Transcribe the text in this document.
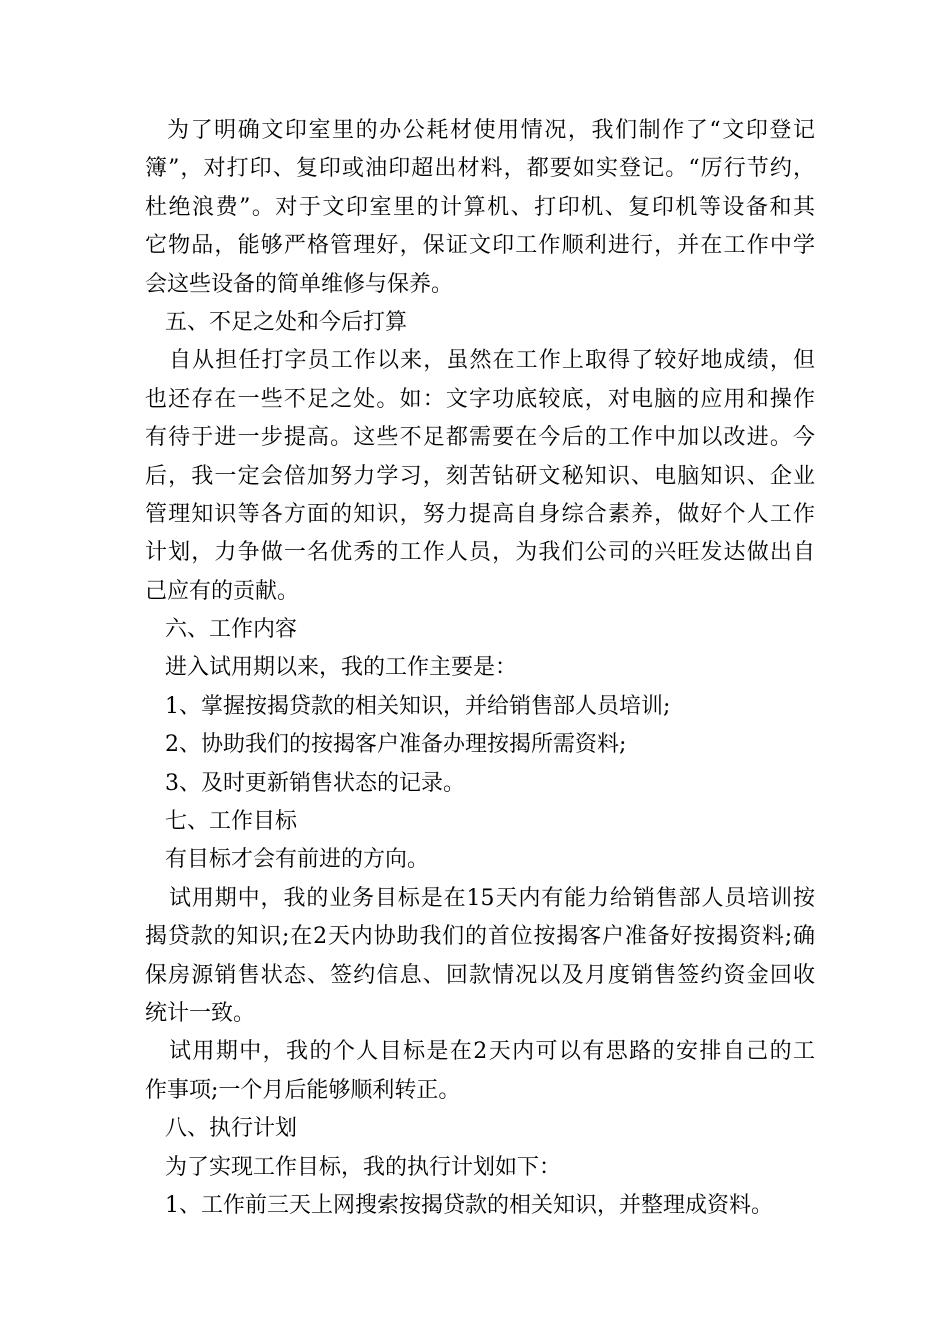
为了明确文印室里的办公耗材使用情况，我们制作了“文印登记
簿”，对打印、复印或油印超出材料，都要如实登记。“厉行节约，
杜绝浪费”。对于文印室里的计算机、打印机、复印机等设备和其
它物品，能够严格管理好，保证文印工作顺利进行，并在工作中学
会这些设备的简单维修与保养。
五、不足之处和今后打算
自从担任打字员工作以来，虽然在工作上取得了较好地成绩，但
也还存在一些不足之处。如：文字功底较底，对电脑的应用和操作
有待于进一步提高。这些不足都需要在今后的工作中加以改进。今
后，我一定会倍加努力学习，刻苦钻研文秘知识、电脑知识、企业
管理知识等各方面的知识，努力提高自身综合素养，做好个人工作
计划，力争做一名优秀的工作人员，为我们公司的兴旺发达做出自
己应有的贡献。
六、工作内容
进入试用期以来，我的工作主要是：
1、掌握按揭贷款的相关知识，并给销售部人员培训;
2、协助我们的按揭客户准备办理按揭所需资料;
3、及时更新销售状态的记录。
七、工作目标
有目标才会有前进的方向。
试用期中，我的业务目标是在15天内有能力给销售部人员培训按
揭贷款的知识;在2天内协助我们的首位按揭客户准备好按揭资料;确
保房源销售状态、签约信息、回款情况以及月度销售签约资金回收
统计一致。
试用期中，我的个人目标是在2天内可以有思路的安排自己的工
作事项;一个月后能够顺利转正。
八、执行计划
为了实现工作目标，我的执行计划如下：
1、工作前三天上网搜索按揭贷款的相关知识，并整理成资料。
